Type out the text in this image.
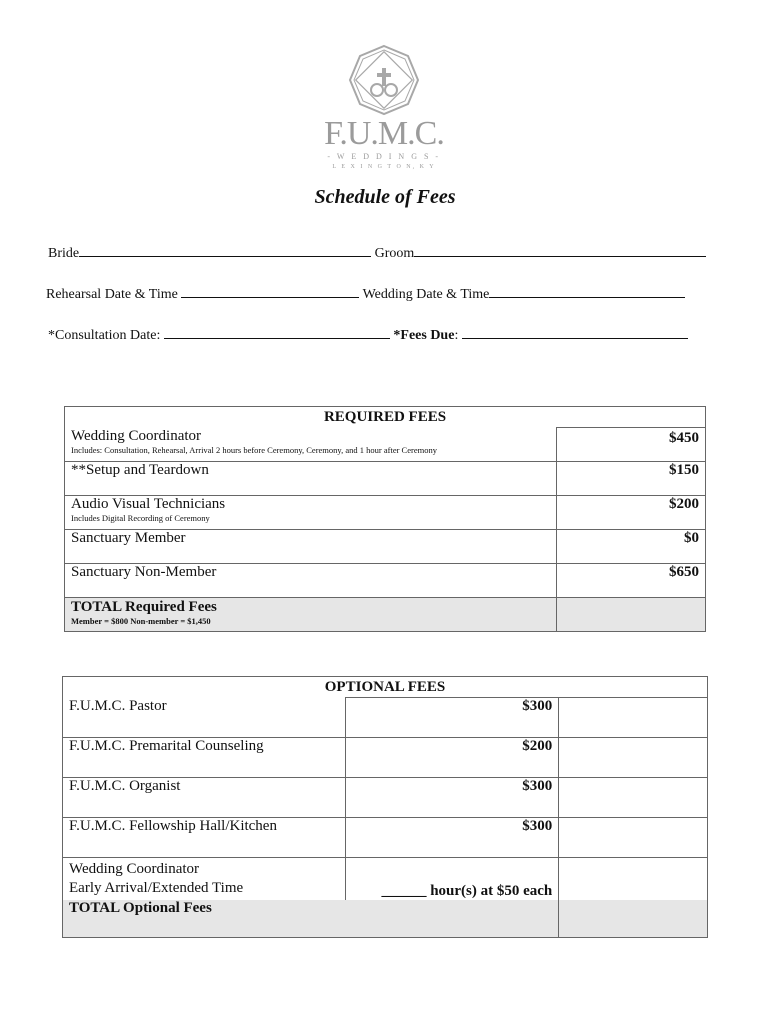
F.U.M.C.
- W E D D I N G S -
L E X I N G T O N, K Y
Schedule of Fees
Bride	Groom
Rehearsal Date & Time	Wedding Date & Time
*Consultation Date:	*Fees Due:
REQUIRED FEES	
Wedding Coordinator
Includes: Consultation, Rehearsal, Arrival 2 hours before Ceremony, Ceremony, and 1 hour after Ceremony	$450
**Setup and Teardown	$150
Audio Visual Technicians
Includes Digital Recording of Ceremony	$200
Sanctuary Member	$0
Sanctuary Non-Member	$650
TOTAL Required Fees
Member = $800 Non-member = $1,450	

OPTIONAL FEES		
F.U.M.C. Pastor	$300	
F.U.M.C. Premarital Counseling	$200	
F.U.M.C. Organist	$300	
F.U.M.C. Fellowship Hall/Kitchen	$300	

Wedding Coordinator
Early Arrival/Extended Time	______ hour(s) at $50 each	
TOTAL Optional Fees		
